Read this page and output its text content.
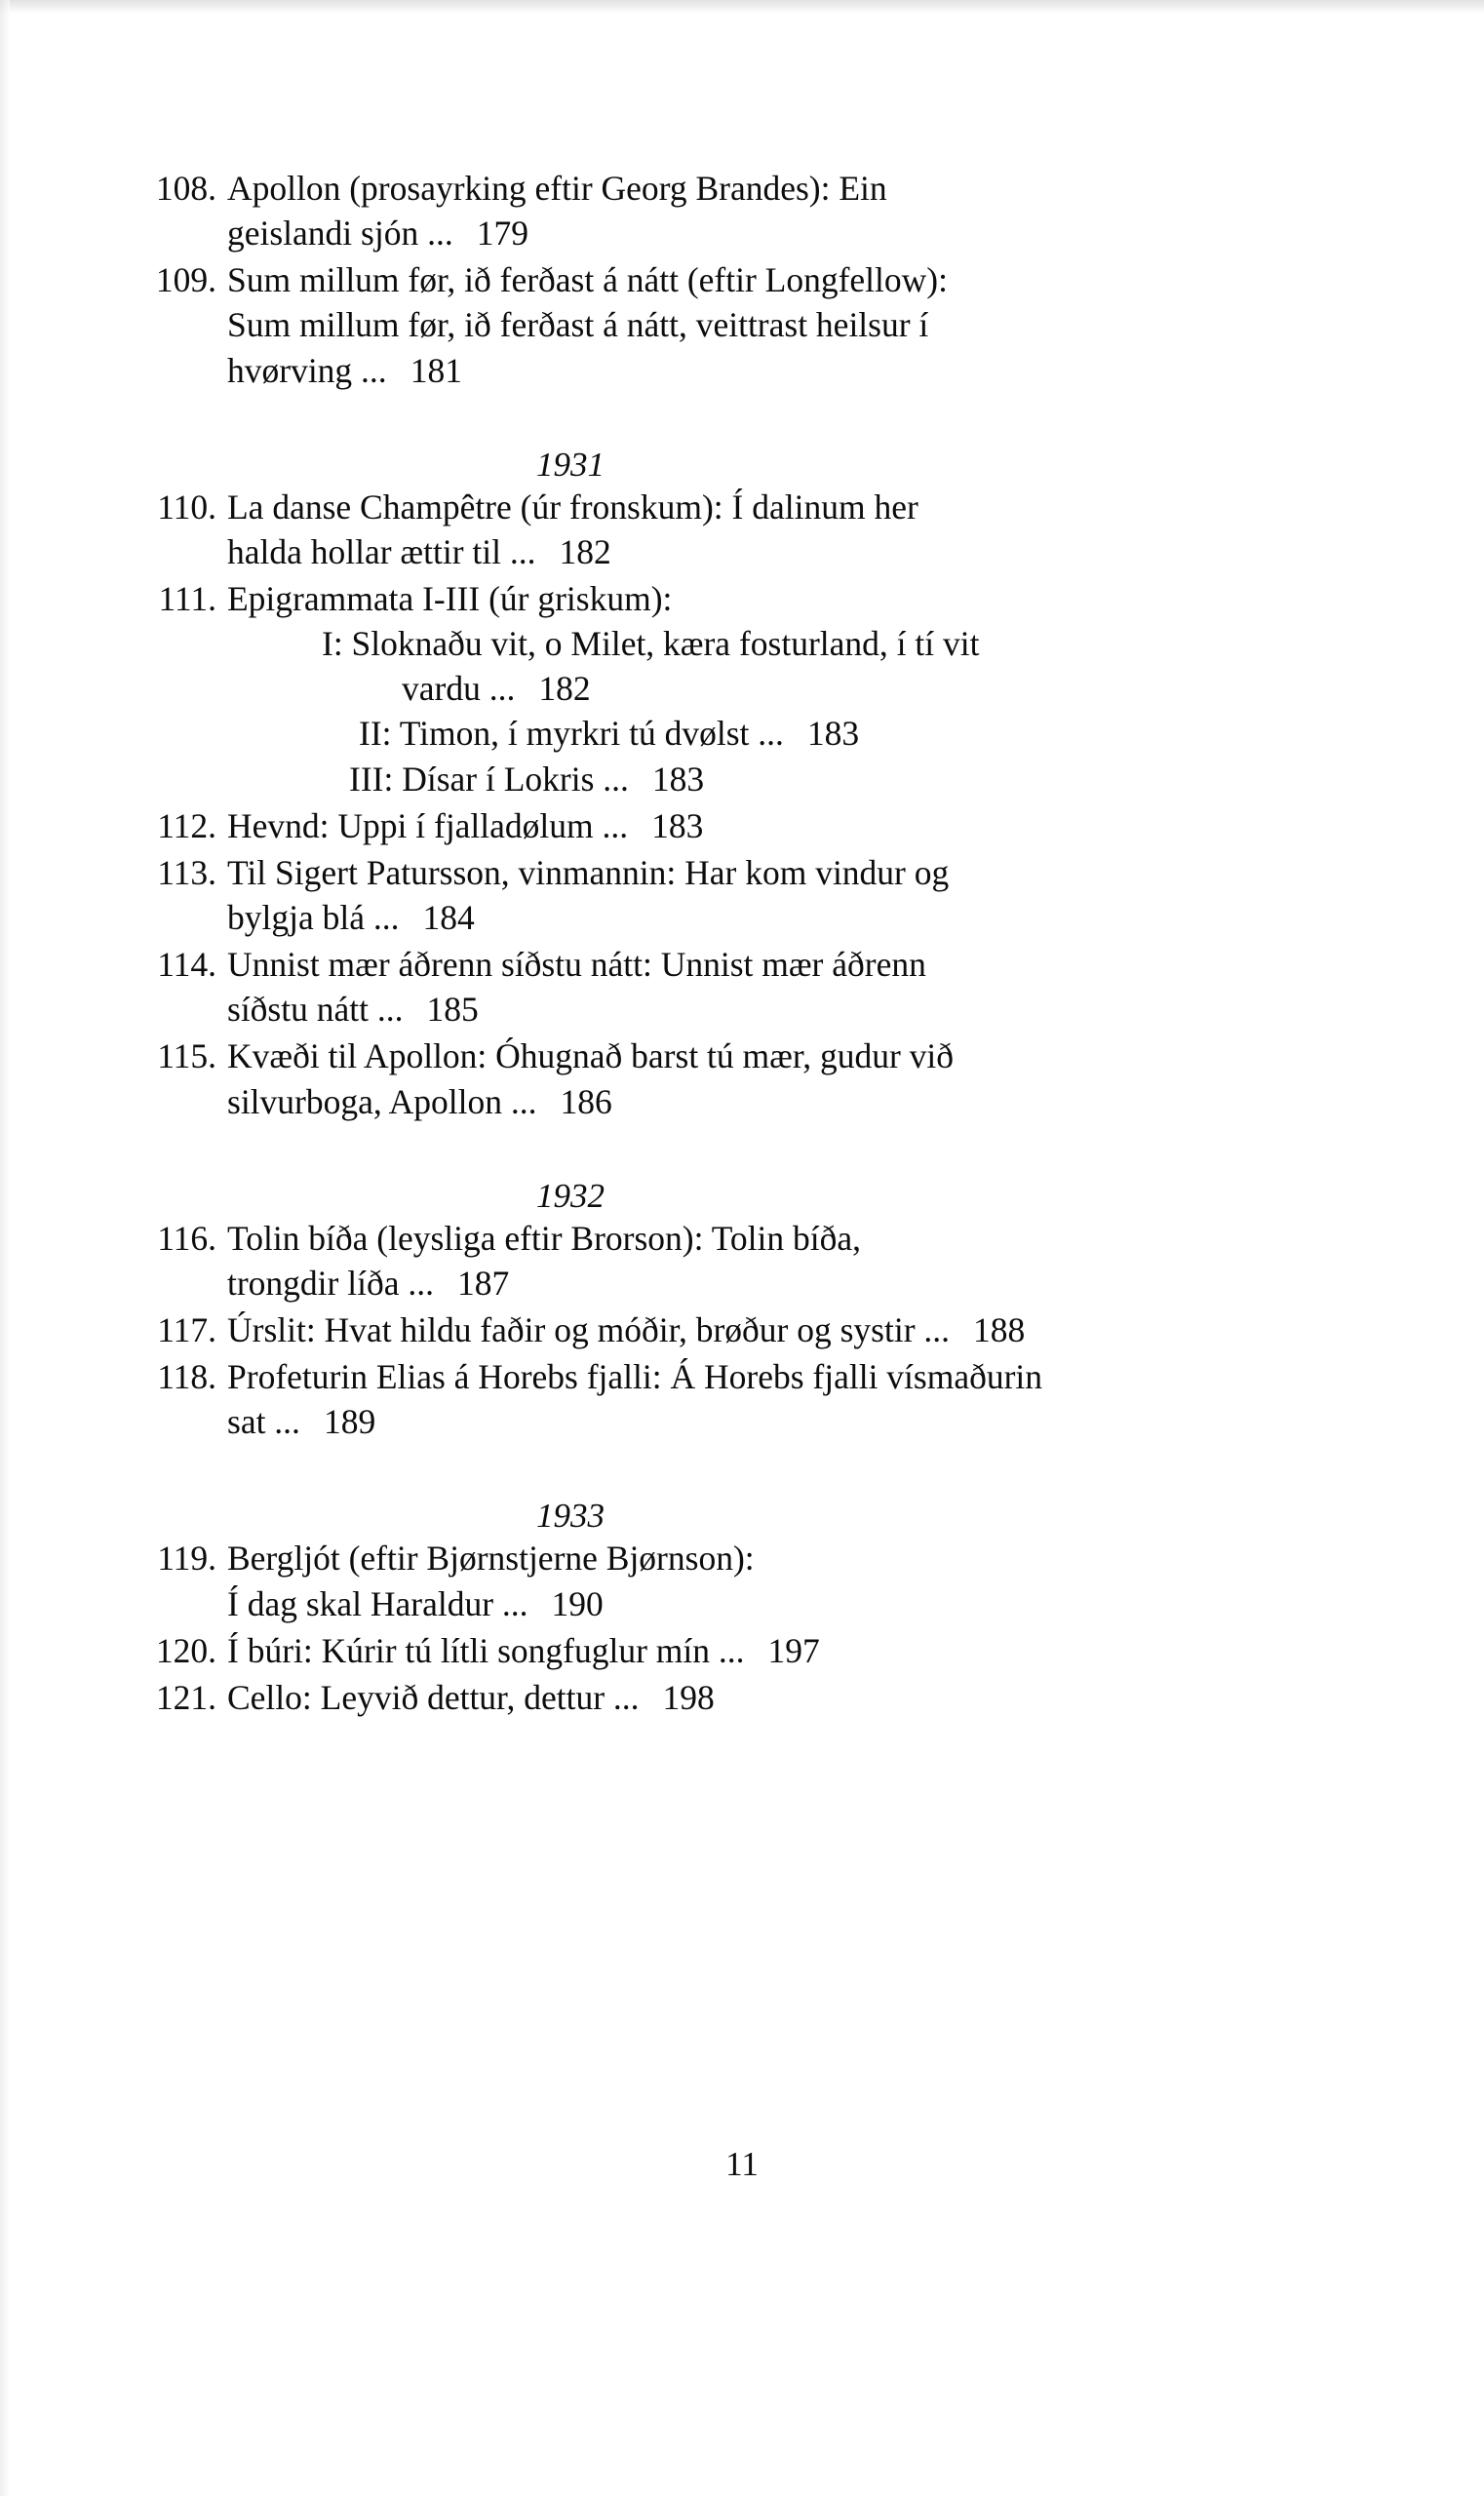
108. Apollon (prosayrking eftir Georg Brandes): Ein
geislandi sjón ... 179
109. Sum millum før, ið ferðast á nátt (eftir Longfellow):
Sum millum før, ið ferðast á nátt, veittrast heilsur í
hvørving ... 181
1931
110. La danse Champêtre (úr fronskum): Í dalinum her
halda hollar ættir til ... 182
111. Epigrammata I-III (úr griskum):
I: Sloknaðu vit, o Milet, kæra fosturland, í tí vit
vardu ... 182
II: Timon, í myrkri tú dvølst ... 183
III: Dísar í Lokris ... 183
112. Hevnd: Uppi í fjalladølum ... 183
113. Til Sigert Patursson, vinmannin: Har kom vindur og
bylgja blá ... 184
114. Unnist mær áðrenn síðstu nátt: Unnist mær áðrenn
síðstu nátt ... 185
115. Kvæði til Apollon: Óhugnað barst tú mær, gudur við
silvurboga, Apollon ... 186
1932
116. Tolin bíða (leysliga eftir Brorson): Tolin bíða,
trongdir líða ... 187
117. Úrslit: Hvat hildu faðir og móðir, brøður og systir ... 188
118. Profeturin Elias á Horebs fjalli: Á Horebs fjalli vísmaðurin
sat ... 189
1933
119. Bergljót (eftir Bjørnstjerne Bjørnson):
Í dag skal Haraldur ... 190
120. Í búri: Kúrir tú lítli songfuglur mín ... 197
121. Cello: Leyvið dettur, dettur ... 198
11
